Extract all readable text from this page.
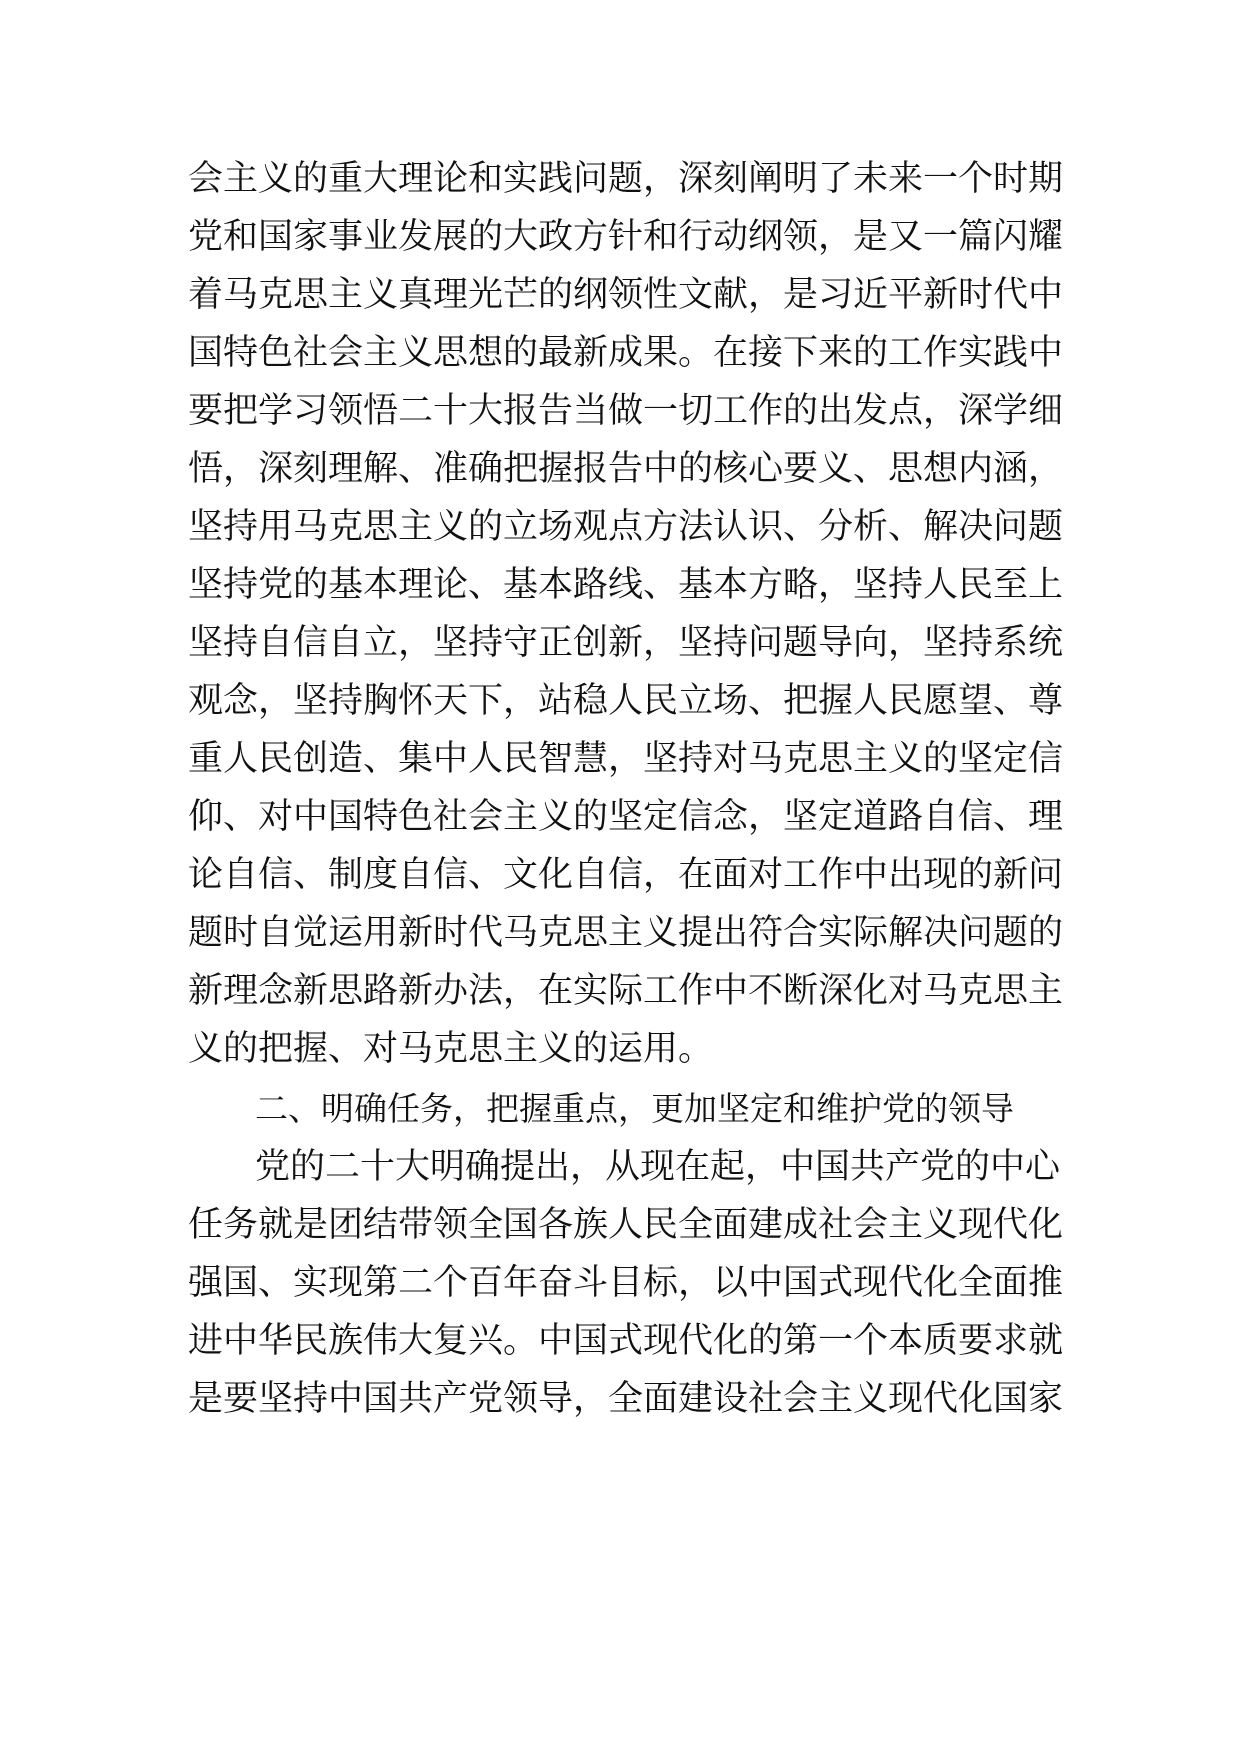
会主义的重大理论和实践问题，深刻阐明了未来一个时期
党和国家事业发展的大政方针和行动纲领，是又一篇闪耀
着马克思主义真理光芒的纲领性文献，是习近平新时代中
国特色社会主义思想的最新成果。在接下来的工作实践中
要把学习领悟二十大报告当做一切工作的出发点，深学细
悟，深刻理解、准确把握报告中的核心要义、思想内涵，
坚持用马克思主义的立场观点方法认识、分析、解决问题
坚持党的基本理论、基本路线、基本方略，坚持人民至上
坚持自信自立，坚持守正创新，坚持问题导向，坚持系统
观念，坚持胸怀天下，站稳人民立场、把握人民愿望、尊
重人民创造、集中人民智慧，坚持对马克思主义的坚定信
仰、对中国特色社会主义的坚定信念，坚定道路自信、理
论自信、制度自信、文化自信，在面对工作中出现的新问
题时自觉运用新时代马克思主义提出符合实际解决问题的
新理念新思路新办法，在实际工作中不断深化对马克思主
义的把握、对马克思主义的运用。
二、明确任务，把握重点，更加坚定和维护党的领导
党的二十大明确提出，从现在起，中国共产党的中心
任务就是团结带领全国各族人民全面建成社会主义现代化
强国、实现第二个百年奋斗目标，以中国式现代化全面推
进中华民族伟大复兴。中国式现代化的第一个本质要求就
是要坚持中国共产党领导，全面建设社会主义现代化国家
